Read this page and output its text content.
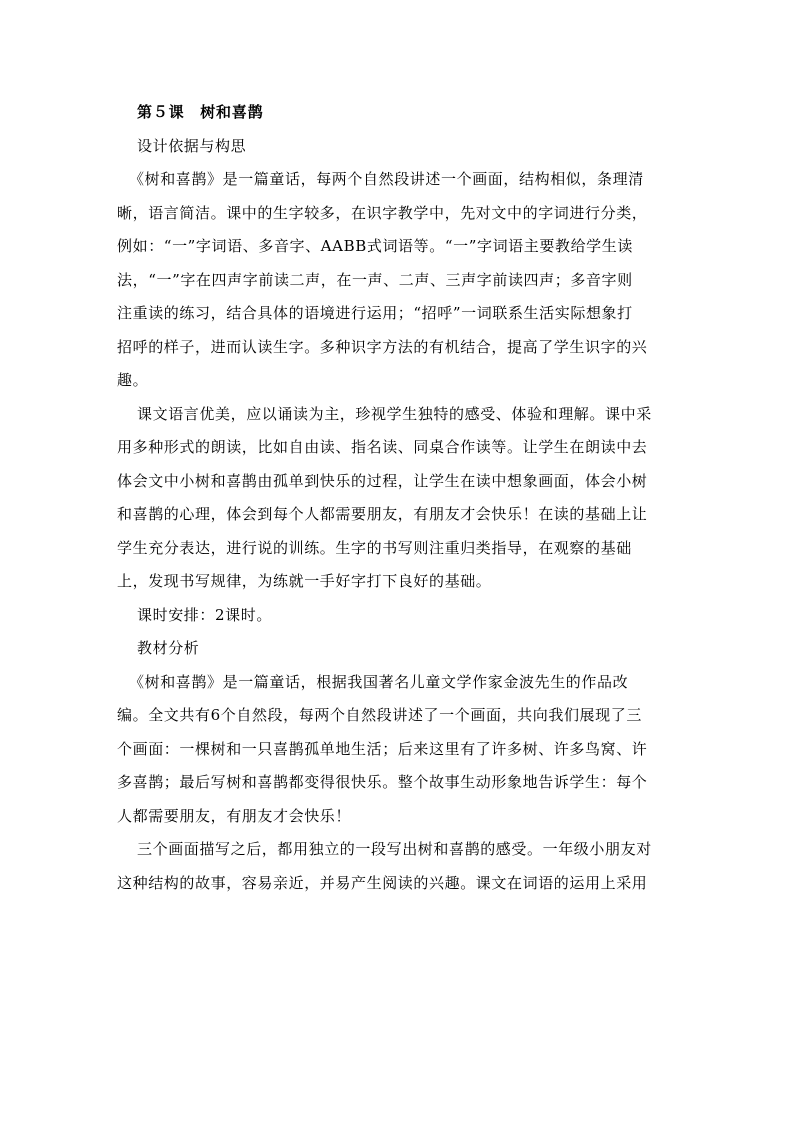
第５课　树和喜鹊
设计依据与构思
《树和喜鹊》是一篇童话，每两个自然段讲述一个画面，结构相似，条理清
晰，语言简洁。课中的生字较多，在识字教学中，先对文中的字词进行分类，
例如：“一”字词语、多音字、AABB式词语等。“一”字词语主要教给学生读
法，“一”字在四声字前读二声，在一声、二声、三声字前读四声；多音字则
注重读的练习，结合具体的语境进行运用；“招呼”一词联系生活实际想象打
招呼的样子，进而认读生字。多种识字方法的有机结合，提高了学生识字的兴
趣。
课文语言优美，应以诵读为主，珍视学生独特的感受、体验和理解。课中采
用多种形式的朗读，比如自由读、指名读、同桌合作读等。让学生在朗读中去
体会文中小树和喜鹊由孤单到快乐的过程，让学生在读中想象画面，体会小树
和喜鹊的心理，体会到每个人都需要朋友，有朋友才会快乐！在读的基础上让
学生充分表达，进行说的训练。生字的书写则注重归类指导，在观察的基础
上，发现书写规律，为练就一手好字打下良好的基础。
课时安排：2课时。
教材分析
《树和喜鹊》是一篇童话，根据我国著名儿童文学作家金波先生的作品改
编。全文共有6个自然段，每两个自然段讲述了一个画面，共向我们展现了三
个画面：一棵树和一只喜鹊孤单地生活；后来这里有了许多树、许多鸟窝、许
多喜鹊；最后写树和喜鹊都变得很快乐。整个故事生动形象地告诉学生：每个
人都需要朋友，有朋友才会快乐！
三个画面描写之后，都用独立的一段写出树和喜鹊的感受。一年级小朋友对
这种结构的故事，容易亲近，并易产生阅读的兴趣。课文在词语的运用上采用
